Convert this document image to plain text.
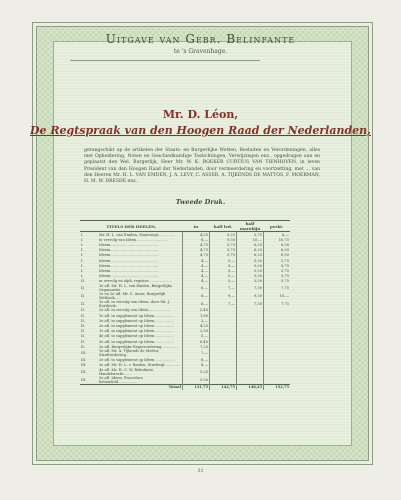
Uitgave van Gebr. Belinfante
te 's Gravenhage.
Mr. D. Léon,
De Regtspraak van den Hoogen Raad der Nederlanden,
gerangschikt op de artikelen der Staats- en Burgerlijke Wetten, Besluiten en Verordeningen, alles met Opheldering, Noten en Geschiedkundige Toelichtingen, Verwijzingen enz., opgedragen aan en geplaatst den Wel. Burgerlijk, Heer Mr. W. K. BOEKER CURTIUS VAN TIENHOVEN, in leven President van den Hoogen Raad der Nederlanden, door vermeerdering en voortzetting, met ... van den Heeren Mr. H. L. VAN EMDEN, J. A. LEVY, C. ASSER, A. TIJKENDS DE MATTOS, F. MOERMAN, H. M. W. DRESDE enz.
Tweede Druk.
TITELS DER DEELEN.		in	half led.	half marokijn	perkt.
I.	Mr. H. L. van Emden, Staatsregt...............	4,25	5,25	5,75	6,—
I.	in vervolg van Ideen...........................	8,—	9,50	10,—	10,75
I.	Ideem..........................................	4,75	5,75	6,25	6,50
I.	Ideem..........................................	4,75	5,75	6,25	6,50
I.	Ideem..........................................	4,75	5,75	6,25	6,50
I.	Ideem..........................................	4,—	5,—	5,50	5,75
I.	Ideem..........................................	4,—	5,—	5,50	5,75
I.	Ideem..........................................	4,—	5,—	5,50	5,75
I.	Ideem..........................................	4,—	5,—	5,50	5,75
II.	in vervolg en alph. register.....................	4,—	5,—	5,50	5,75
II.	3e afl. Mr. H. L. van Emden, Burgerlijke Organisatie	6,—	7,—	7,50	7,75
II.	2e en 3e afl. Mr. C. Asser, Burgerlijk Wetboek.....	8,—	9,—	9,50	10,—
II.	1e afl. in vervolg van Ideen, door Mr. J. Kortbeek..	6,—	7,—	7,50	7,75
II.	2e afl. in vervolg van Ideen...................	5,40			
II.	1e afl. in supplement op Ideen.................	1,60			
II.	3e afl. in supplement op Ideen.................	3,—			
II.	2e afl. in supplement op Ideen.................	4,25			
II.	1e afl. in supplement op Ideen.................	2,50			
II.	4e afl. in supplement op Ideen.................	5,—			
II.	5e afl. in supplement op Ideen.................	6,40			
II.	2e afl. Burgerlijke Regtsvordering................	7,25			
III.	1e afl. Mr. A. Tijkends de Mattos, Strafvordering..	7,—			
III.	2e afl. in supplement op Ideen..................	8,—			
III.	3e afl. Mr. H. L. v. Emden, Strafregt..............	8,—			
III.	4e afl. Mr. H. C. W. Belinfante, Handelsrecht.......	5,25			
III.	5e afl. Ideen, Procedure behandeld.................	5,50			
	Totaal	131,75	142,75	148,25	152,75
31
